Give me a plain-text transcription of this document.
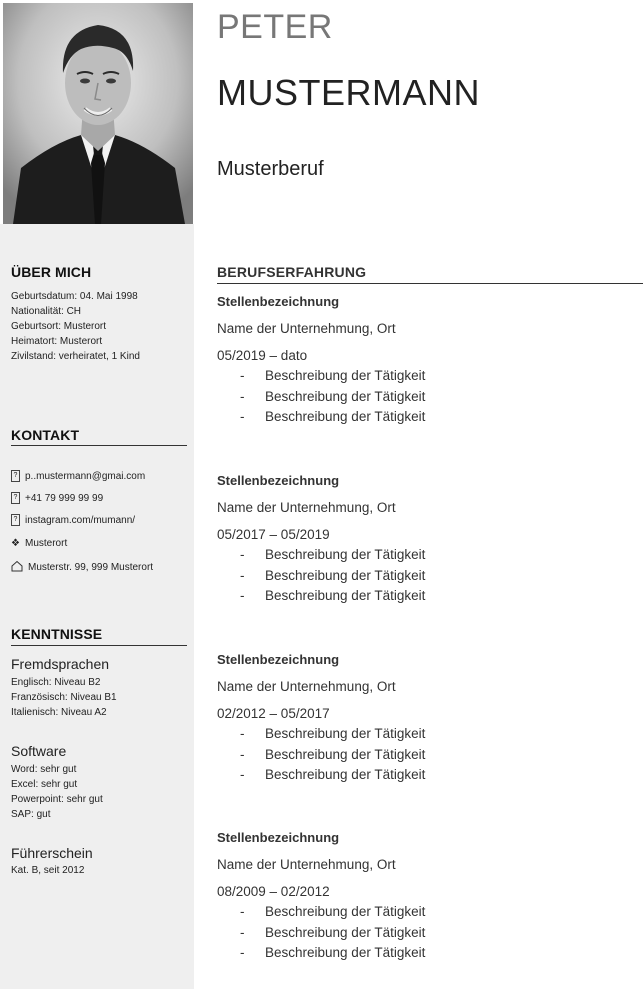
PETER
MUSTERMANN
Musterberuf
ÜBER MICH
Geburtsdatum: 04. Mai 1998
Nationalität: CH
Geburtsort: Musterort
Heimatort: Musterort
Zivilstand: verheiratet, 1 Kind
KONTAKT
? p..mustermann@gmai.com
? +41 79 999 99 99
? instagram.com/mumann/
❖ Musterort
Musterstr. 99, 999 Musterort
KENNTNISSE
Fremdsprachen
Englisch: Niveau B2
Französisch: Niveau B1
Italienisch: Niveau A2
Software
Word: sehr gut
Excel: sehr gut
Powerpoint: sehr gut
SAP: gut
Führerschein
Kat. B, seit 2012
BERUFSERFAHRUNG
Stellenbezeichnung
Name der Unternehmung, Ort
05/2019 – dato
- Beschreibung der Tätigkeit
- Beschreibung der Tätigkeit
- Beschreibung der Tätigkeit
Stellenbezeichnung
Name der Unternehmung, Ort
05/2017 – 05/2019
- Beschreibung der Tätigkeit
- Beschreibung der Tätigkeit
- Beschreibung der Tätigkeit
Stellenbezeichnung
Name der Unternehmung, Ort
02/2012 – 05/2017
- Beschreibung der Tätigkeit
- Beschreibung der Tätigkeit
- Beschreibung der Tätigkeit
Stellenbezeichnung
Name der Unternehmung, Ort
08/2009 – 02/2012
- Beschreibung der Tätigkeit
- Beschreibung der Tätigkeit
- Beschreibung der Tätigkeit
